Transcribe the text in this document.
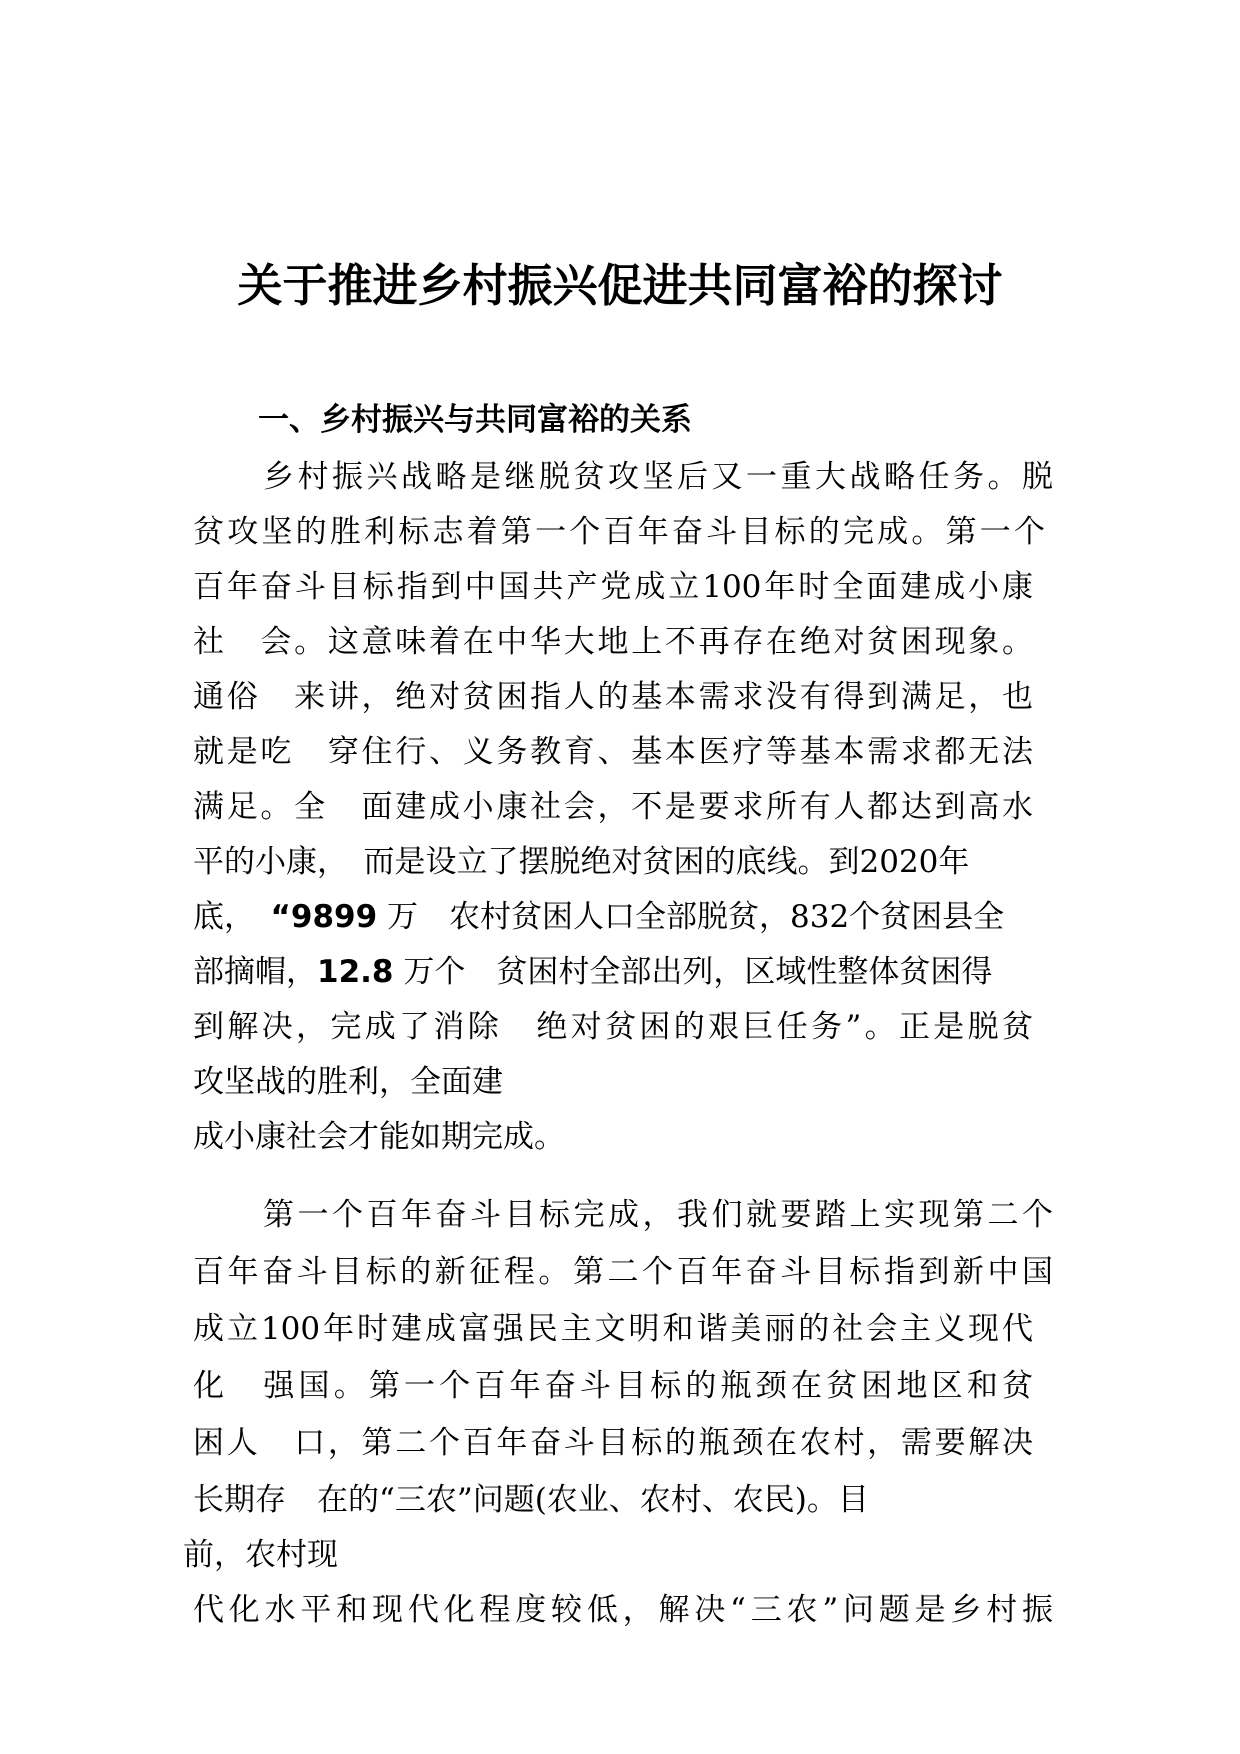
关于推进乡村振兴促进共同富裕的探讨
一、乡村振兴与共同富裕的关系

乡村振兴战略是继脱贫攻坚后又一重大战略任务。脱

贫攻坚的胜利标志着第一个百年奋斗目标的完成。第一个

百年奋斗目标指到中国共产党成立100年时全面建成小康

社　会。这意味着在中华大地上不再存在绝对贫困现象。

通俗　来讲，绝对贫困指人的基本需求没有得到满足，也

就是吃　穿住行、义务教育、基本医疗等基本需求都无法

满足。全　面建成小康社会，不是要求所有人都达到高水

平的小康，　而是设立了摆脱绝对贫困的底线。到2020年

底，　“9899 万　农村贫困人口全部脱贫，832个贫困县全

部摘帽，12.8 万个　贫困村全部出列，区域性整体贫困得

到解决，完成了消除　绝对贫困的艰巨任务”。正是脱贫

攻坚战的胜利，全面建

成小康社会才能如期完成。

第一个百年奋斗目标完成，我们就要踏上实现第二个

百年奋斗目标的新征程。第二个百年奋斗目标指到新中国

成立100年时建成富强民主文明和谐美丽的社会主义现代

化　强国。第一个百年奋斗目标的瓶颈在贫困地区和贫

困人　口，第二个百年奋斗目标的瓶颈在农村，需要解决

长期存　在的“三农”问题(农业、农村、农民)。目

前，农村现

代化水平和现代化程度较低，解决“三农”问题是乡村振
